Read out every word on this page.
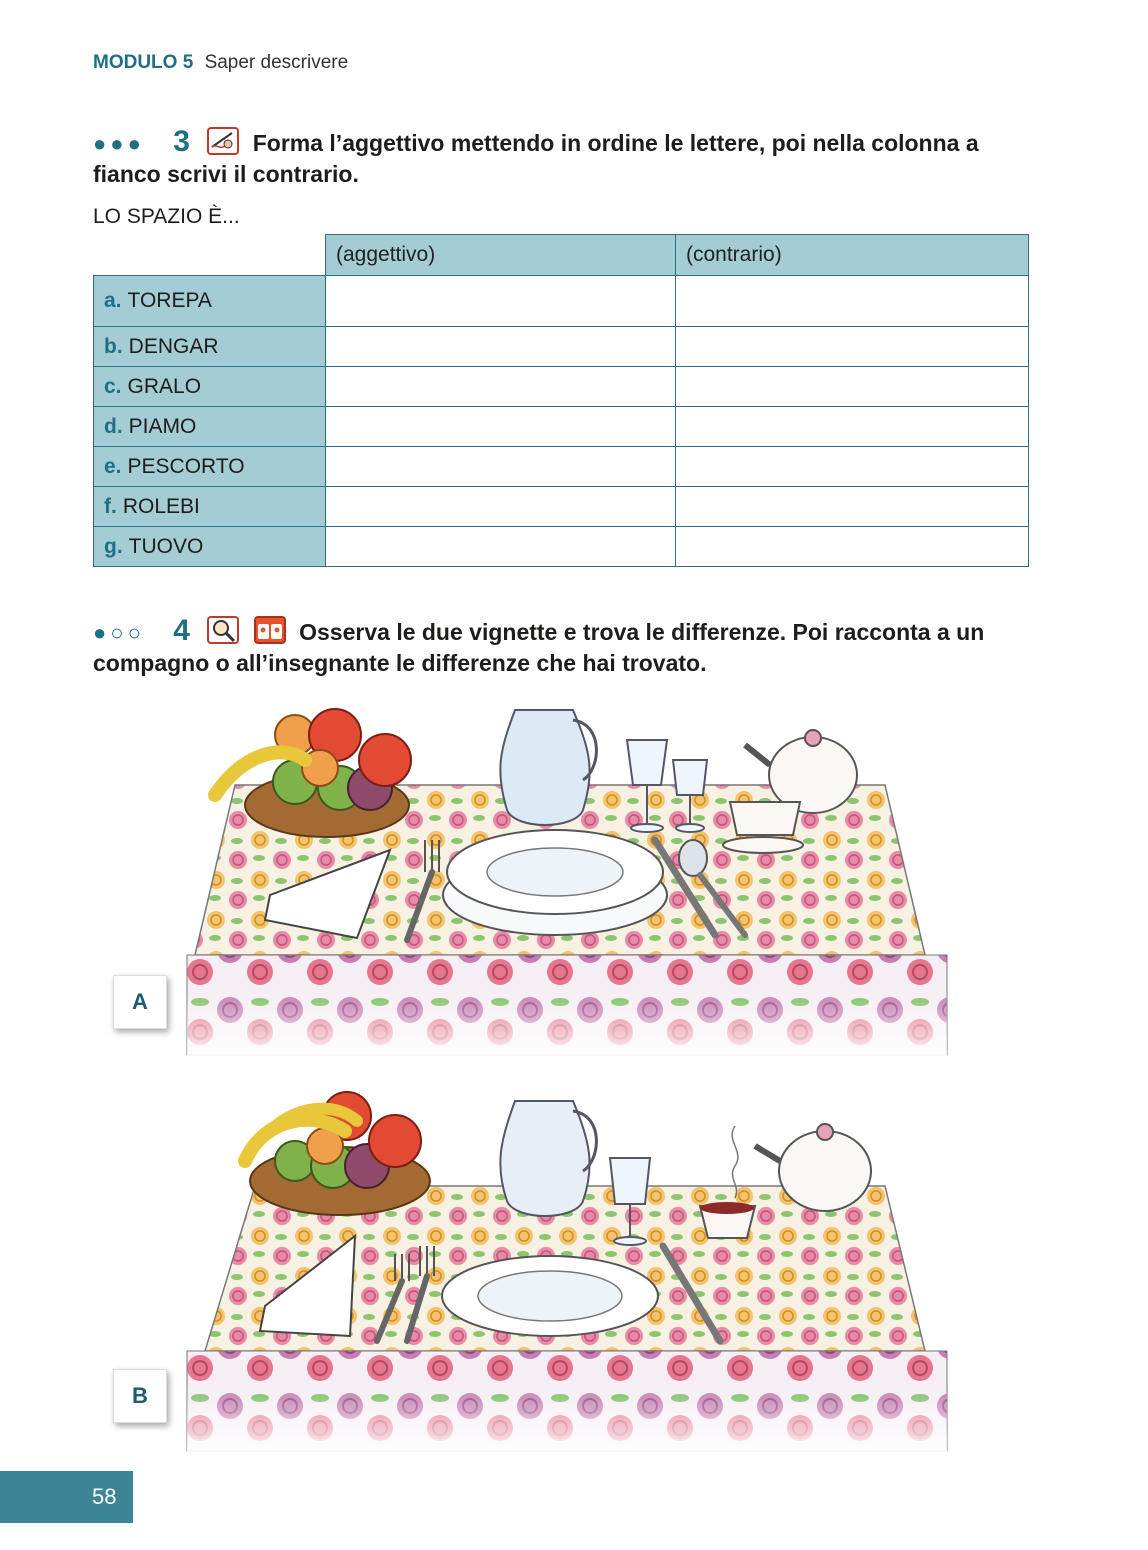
MODULO 5 Saper descrivere
●●● 3	Forma l’aggettivo mettendo in ordine le lettere, poi nella colonna a fianco scrivi il contrario.
LO SPAZIO È...
	(aggettivo)	(contrario)
a. TOREPA		
b. DENGAR		
c. GRALO		
d. PIAMO		
e. PESCORTO		
f. ROLEBI		
g. TUOVO		
●○○ 4	Osserva le due vignette e trova le differenze. Poi racconta a un compagno o all’insegnante le differenze che hai trovato.
A
B
58
